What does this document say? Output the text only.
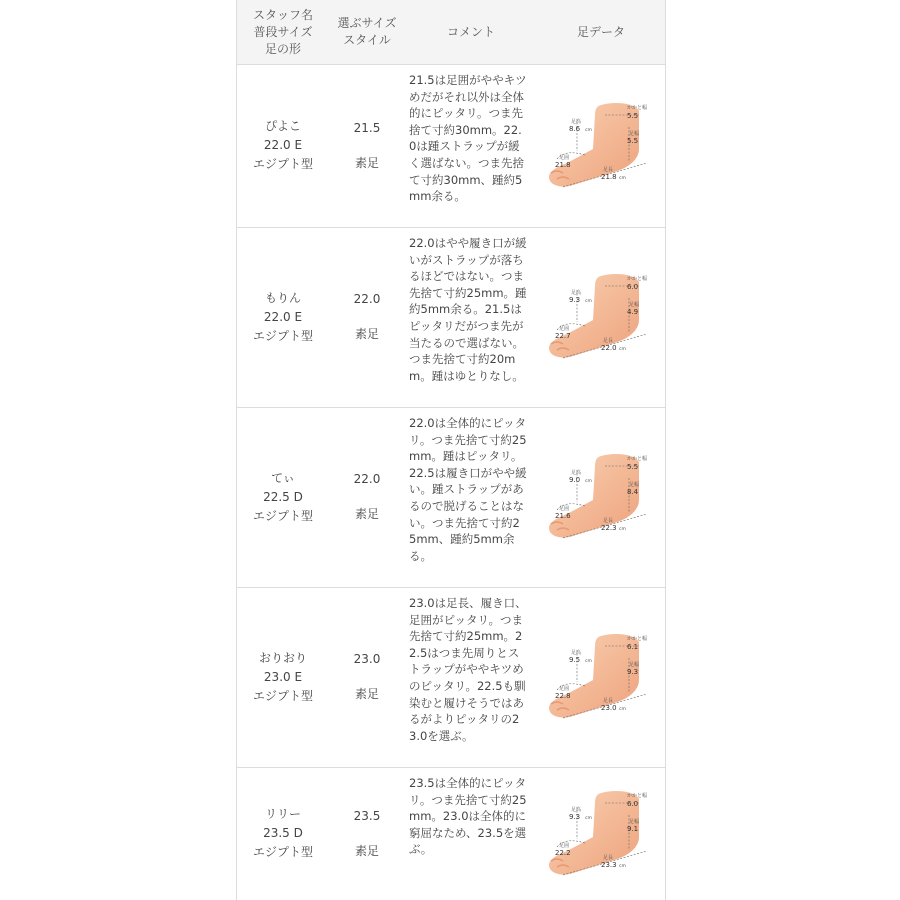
スタッフ名
普段サイズ
足の形
選ぶサイズ
スタイル
コメント	足データ
ぴよこ
22.0 E
エジプト型
21.5
素足
21.5は足囲がややキツめだがそれ以外は全体的にピッタリ。つま先捨て寸約30mm。22.0は踵ストラップが緩く選ばない。つま先捨て寸約30mm、踵約5mm余る。
足高
8.6 cm
かかと幅
5.5
足幅
5.5
足囲
21.8
足長
21.8 cm
もりん
22.0 E
エジプト型
22.0
素足
22.0はやや履き口が緩いがストラップが落ちるほどではない。つま先捨て寸約25mm。踵約5mm余る。21.5はピッタリだがつま先が当たるので選ばない。つま先捨て寸約20mm。踵はゆとりなし。
足高
9.3 cm
かかと幅
6.0
足幅
4.9
足囲
22.7
足長
22.0 cm
てぃ
22.5 D
エジプト型
22.0
素足
22.0は全体的にピッタリ。つま先捨て寸約25mm。踵はピッタリ。22.5は履き口がやや緩い。踵ストラップがあるので脱げることはない。つま先捨て寸約25mm、踵約5mm余る。
足高
9.0 cm
かかと幅
5.5
足幅
8.4
足囲
21.6
足長
22.3 cm
おりおり
23.0 E
エジプト型
23.0
素足
23.0は足長、履き口、足囲がピッタリ。つま先捨て寸約25mm。22.5はつま先周りとストラップがややキツめのピッタリ。22.5も馴染むと履けそうではあるがよりピッタリの23.0を選ぶ。
足高
9.5 cm
かかと幅
6.1
足幅
9.3
足囲
22.8
足長
23.0 cm
リリー
23.5 D
エジプト型
23.5
素足
23.5は全体的にピッタリ。つま先捨て寸約25mm。23.0は全体的に窮屈なため、23.5を選ぶ。
足高
9.3 cm
かかと幅
6.0
足幅
9.1
足囲
22.2
足長
23.3 cm
